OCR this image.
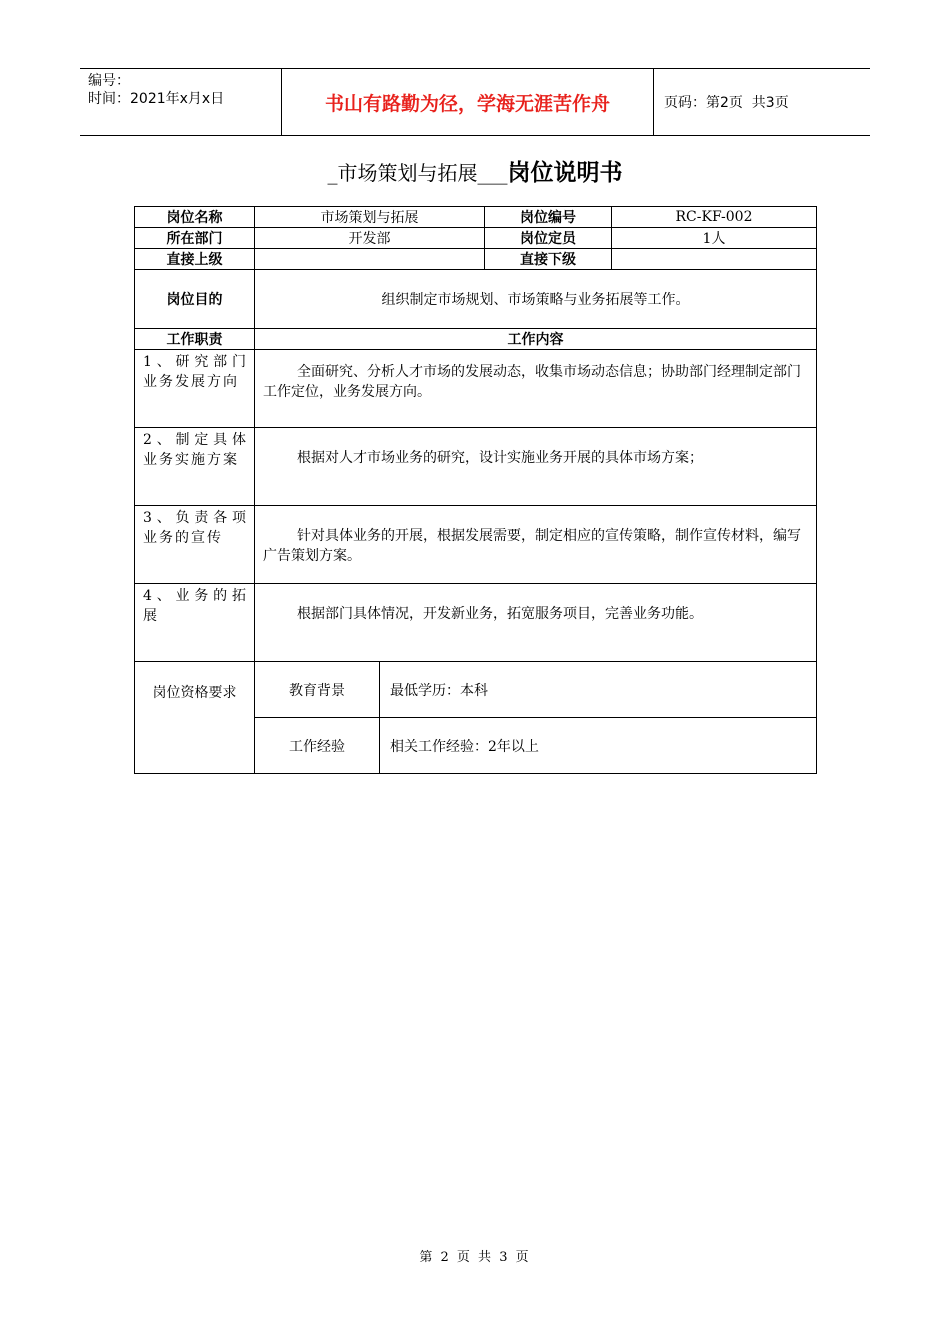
编号：
时间：2021年x月x日	书山有路勤为径，学海无涯苦作舟	页码：第2页  共3页
_市场策划与拓展___岗位说明书
岗位名称	市场策划与拓展		岗位编号	RC-KF-002
所在部门	开发部		岗位定员	1人
直接上级			直接下级	
岗位目的	组织制定市场规划、市场策略与业务拓展等工作。			
工作职责	工作内容			
1、研究部门业务发展方向	全面研究、分析人才市场的发展动态，收集市场动态信息；协助部门经理制定部门工作定位，业务发展方向。			
2、制定具体业务实施方案	根据对人才市场业务的研究，设计实施业务开展的具体市场方案；			
3、负责各项业务的宣传	针对具体业务的开展，根据发展需要，制定相应的宣传策略，制作宣传材料，编写广告策划方案。			
4、业务的拓展	根据部门具体情况，开发新业务，拓宽服务项目，完善业务功能。			
岗位资格要求	教育背景	最低学历：本科		
	工作经验	相关工作经验：2年以上		
第 2 页 共 3 页
